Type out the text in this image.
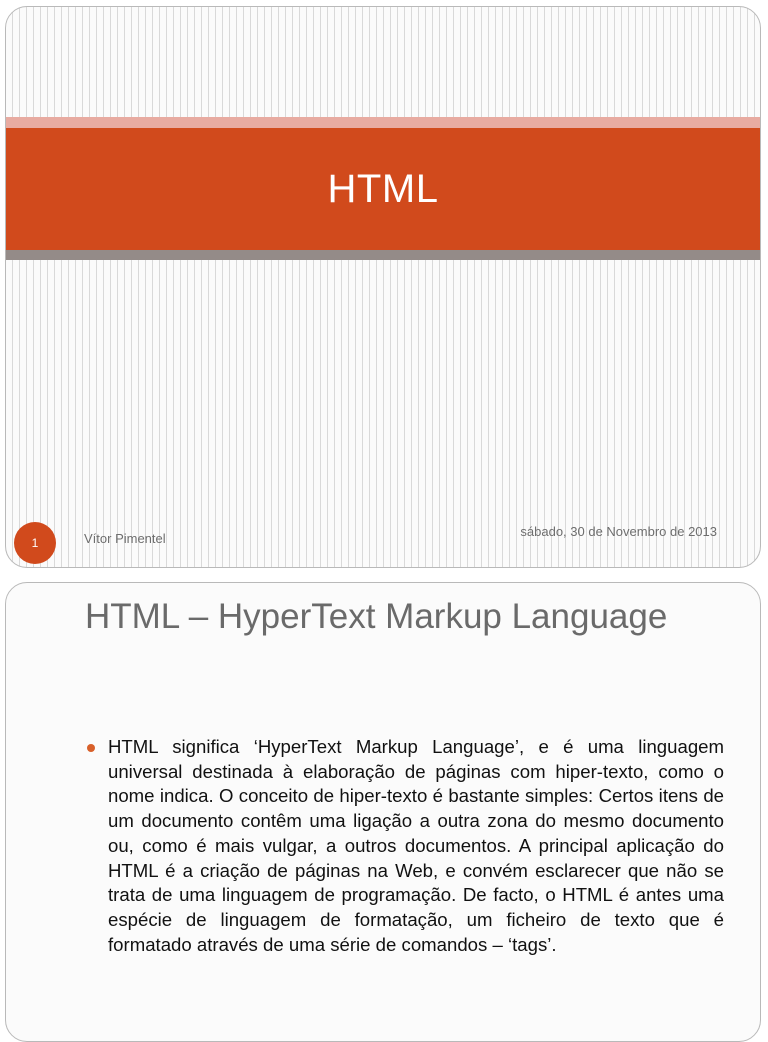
HTML
1	Vítor Pimentel	sábado, 30 de Novembro de 2013
HTML – HyperText Markup Language
HTML significa ‘HyperText Markup Language’, e é uma linguagem universal destinada à elaboração de páginas com hiper-texto, como o nome indica. O conceito de hiper-texto é bastante simples: Certos itens de um documento contêm uma ligação a outra zona do mesmo documento ou, como é mais vulgar, a outros documentos. A principal aplicação do HTML é a criação de páginas na Web, e convém esclarecer que não se trata de uma linguagem de programação. De facto, o HTML é antes uma espécie de linguagem de formatação, um ficheiro de texto que é formatado através de uma série de comandos – ‘tags’.
